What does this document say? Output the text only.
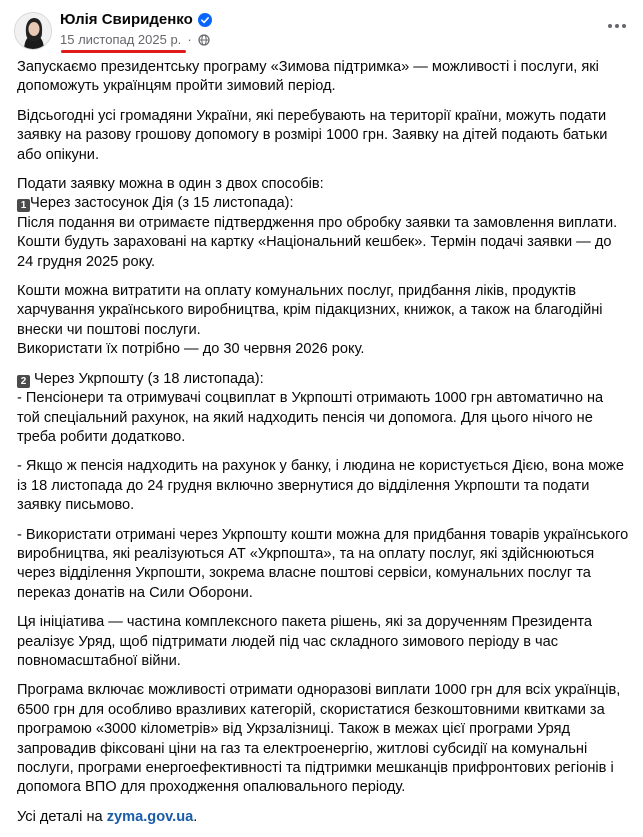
Юлія Свириденко
15 листопад 2025 р. ·

Запускаємо президентську програму «Зимова підтримка» — можливості і послуги, які допоможуть українцям пройти зимовий період.

Відсьогодні усі громадяни України, які перебувають на території країни, можуть подати заявку на разову грошову допомогу в розмірі 1000 грн. Заявку на дітей подають батьки або опікуни.

Подати заявку можна в один з двох способів:

1 Через застосунок Дія (з 15 листопада):

Після подання ви отримаєте підтвердження про обробку заявки та замовлення виплати.

Кошти будуть зараховані на картку «Національний кешбек». Термін подачі заявки — до 24 грудня 2025 року.

Кошти можна витратити на оплату комунальних послуг, придбання ліків, продуктів харчування українського виробництва, крім підакцизних, книжок, а також на благодійні внески чи поштові послуги.

Використати їх потрібно — до 30 червня 2026 року.

2 Через Укрпошту (з 18 листопада):

- Пенсіонери та отримувачі соцвиплат в Укрпошті отримають 1000 грн автоматично на той спеціальний рахунок, на який надходить пенсія чи допомога. Для цього нічого не треба робити додатково.

- Якщо ж пенсія надходить на рахунок у банку, і людина не користується Дією, вона може із 18 листопада до 24 грудня включно звернутися до відділення Укрпошти та подати заявку письмово.

- Використати отримані через Укрпошту кошти можна для придбання товарів українського виробництва, які реалізуються АТ «Укрпошта», та на оплату послуг, які здійснюються через відділення Укрпошти, зокрема власне поштові сервіси, комунальних послуг та переказ донатів на Сили Оборони.

Ця ініціатива — частина комплексного пакета рішень, які за дорученням Президента реалізує Уряд, щоб підтримати людей під час складного зимового періоду в час повномасштабної війни.

Програма включає можливості отримати одноразові виплати 1000 грн для всіх українців, 6500 грн для особливо вразливих категорій, скористатися безкоштовними квитками за програмою «3000 кілометрів» від Укрзалізниці. Також в межах цієї програми Уряд запровадив фіксовані ціни на газ та електроенергію, житлові субсидії на комунальні послуги, програми енергоефективності та підтримки мешканців прифронтових регіонів і допомога ВПО для проходження опалювального періоду.

Усі деталі на zyma.gov.ua.
